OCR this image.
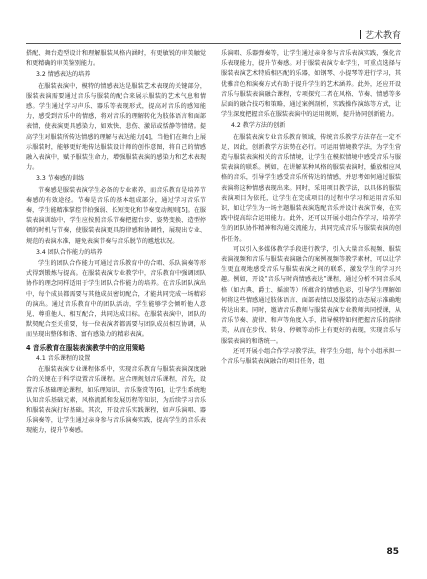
艺术教育

搭配、舞台造型设计和理解服装风格内涵时，有更敏锐的审美触觉和更精确的审美鉴别能力。

3.2 情感表达的培养

在服装表演中，模特的情感表达是服装艺术表现的关键部分，服装表演需要通过音乐与服装的配合来展示服装的艺术气息和情感。学生通过学习声乐、器乐等表现形式，提高对音乐的感知能力，感受到音乐中的情感，将对音乐的理解转化为肢体语言和面部表情，使表演更具感染力，如欢快、悲伤、激昂或恬静等情绪。提高学生对服装所传达情感的理解与表达能力[4]，当他们在舞台上展示服装时，能够更好地传达服装设计师的创作意图，将自己的情感融入表演中，赋予服装生命力，增强服装表演的感染力和艺术表现力。

3.3 节奏感的训练

节奏感是服装表演学生必备的专业素养，而音乐教育是培养节奏感的有效途径。节奏是音乐的基本组成部分，通过学习音乐节奏，学生能精准掌控节拍强弱、长短变化和节奏变动规则[5]。在服装表演训练中，学生应按照音乐节奏把握台步、姿势变换、造型停顿的时机与节奏，使服装表演更具韵律感和协调性，展现出专业、规范的表演水准，避免表演节奏与音乐脱节的尴尬状况。

3.4 团队合作能力的培养

学生的团队合作能力可通过音乐教育中的合唱、乐队演奏等形式得到锻炼与提高。在服装表演专业教学中，音乐教育中强调团队协作的理念同样适用于学生团队合作能力的培养。在音乐团队演出中，每个成员都需要与其他成员密切配合，才能共同完成一场精彩的演出。通过音乐教育中的团队活动，学生能够学会倾听他人意见、尊重他人、相互配合，共同达成目标。在服装表演中，团队的默契配合至关重要，每一位表演者都需要与团队成员相互协调，从而呈现出整体和谐、富有感染力的精彩表演。

4 音乐教育在服装表演教学中的应用策略
4.1 音乐课程的设置

在服装表演专业课程体系中，实现音乐教育与服装表演深度融合的关键在于科学设置音乐课程。应合理规划音乐课程，首先，设置音乐基础理论课程，如乐理知识、音乐鉴赏等[6]，让学生系统地认知音乐基础元素，风格流派和发展历程等知识，为后续学习音乐和服装表演打好基础。其次，开设音乐实践课程，如声乐演唱、器乐演奏等，让学生通过亲身参与音乐演奏实践，提高学生的音乐表现能力，提升节奏感。

乐演唱、乐器弹奏等，让学生通过亲身参与音乐表演实践，强化音乐表现能力，提升节奏感。对于服装表演专业学生，可重点选择与服装表演艺术特质相匹配的乐器，如钢琴、小提琴等进行学习，其优雅音色和演奏方式有助于提升学生的艺术涵养。此外，还应开设音乐与服装表演融合课程，专项探究二者在风格、节奏、情感等多层面的融合技巧和策略，通过案例剖析，实践操作演练等方式，让学生深度把握音乐在服装表演中的运用规则，提升协同创新能力。

4.2 教学方法的创新

在服装表演专业音乐教育领域，传统音乐教学方法存在一定不足，因此，创新教学方法势在必行。可运用情境教学法，为学生营造与服装表演相关的音乐情境，让学生在模拟情境中感受音乐与服装表演的联系。例如，在讲解某种风格的服装表演时，播放相应风格的音乐，引导学生感受音乐所传达的情感，并思考如何通过服装表演将这种情感表现出来。同时，采用项目教学法，以具体的服装表演项目为依托，让学生在完成项目的过程中学习和运用音乐知识，如让学生为一场主题服装表演选配音乐并设计表演节奏，在实践中提高综合运用能力。此外，还可以开展小组合作学习，培养学生的团队协作精神和沟通交流能力，共同完成音乐与服装表演的创作任务。

可以引入多媒体教学手段进行教学，引入大量音乐视频、服装表演视频和音乐与服装表演融合的案例视频等教学素材，可以让学生更直观地感受音乐与服装表演之间的联系，激发学生的学习兴趣。例如，开设“音乐与时尚情感表达”课程，通过分析不同音乐风格（如古典、爵士、摇滚等）所蕴含的情感色彩，引导学生理解如何将这些情感通过肢体语言、面部表情以及服装的动态展示准确地传达出来。同时，邀请音乐教师与服装表演专业教师共同授课，从音乐节奏、旋律、和声等角度入手，指导模特如何把握音乐的韵律美，从而在步伐、转身、停顿等动作上有更好的表现，实现音乐与服装表演的和谐统一。

还可开展小组合作学习教学法，将学生分组，每个小组承担一个音乐与服装表演融合的项目任务，组

85
